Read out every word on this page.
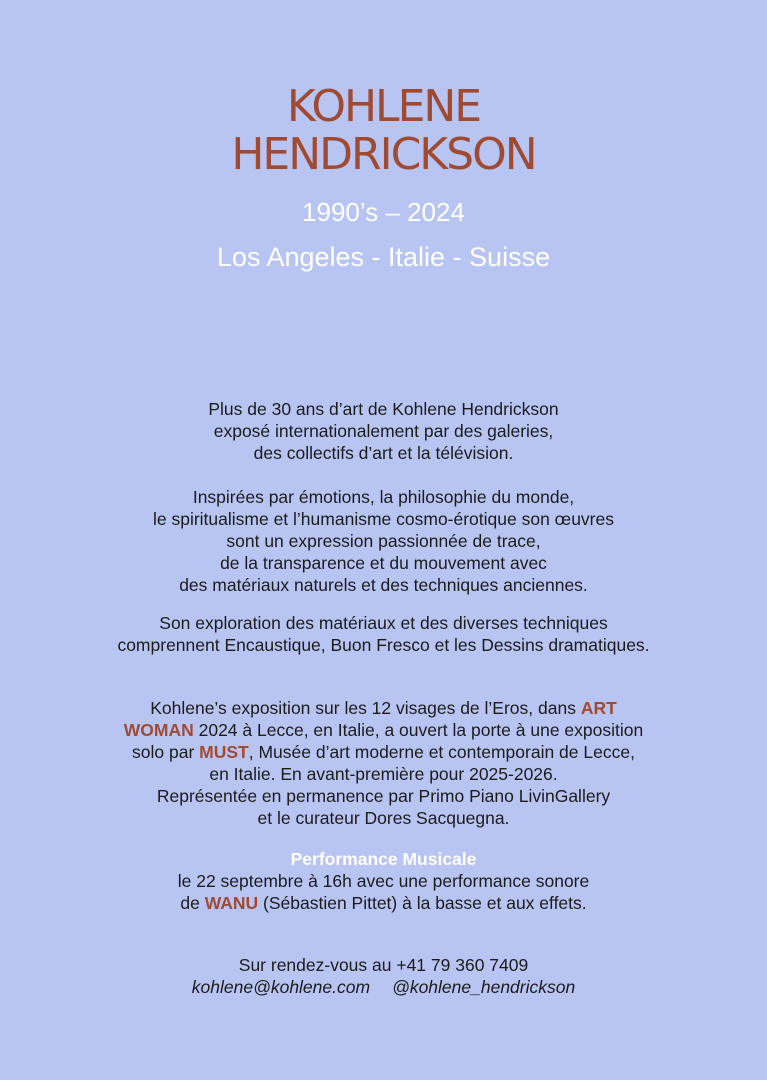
KOHLENE
HENDRICKSON
1990’s – 2024
Los Angeles - Italie - Suisse
Plus de 30 ans d’art de Kohlene Hendrickson
exposé internationalement par des galeries,
des collectifs d’art et la télévision.
Inspirées par émotions, la philosophie du monde,
le spiritualisme et l’humanisme cosmo-érotique son œuvres
sont un expression passionnée de trace,
de la transparence et du mouvement avec
des matériaux naturels et des techniques anciennes.
Son exploration des matériaux et des diverses techniques
comprennent Encaustique, Buon Fresco et les Dessins dramatiques.
Kohlene’s exposition sur les 12 visages de l’Eros, dans ART
WOMAN 2024 à Lecce, en Italie, a ouvert la porte à une exposition
solo par MUST, Musée d’art moderne et contemporain de Lecce,
en Italie. En avant-première pour 2025-2026.
Représentée en permanence par Primo Piano LivinGallery
et le curateur Dores Sacquegna.
Performance Musicale
le 22 septembre à 16h avec une performance sonore
de WANU (Sébastien Pittet) à la basse et aux effets.
Sur rendez-vous au +41 79 360 7409
kohlene@kohlene.com @kohlene_hendrickson
